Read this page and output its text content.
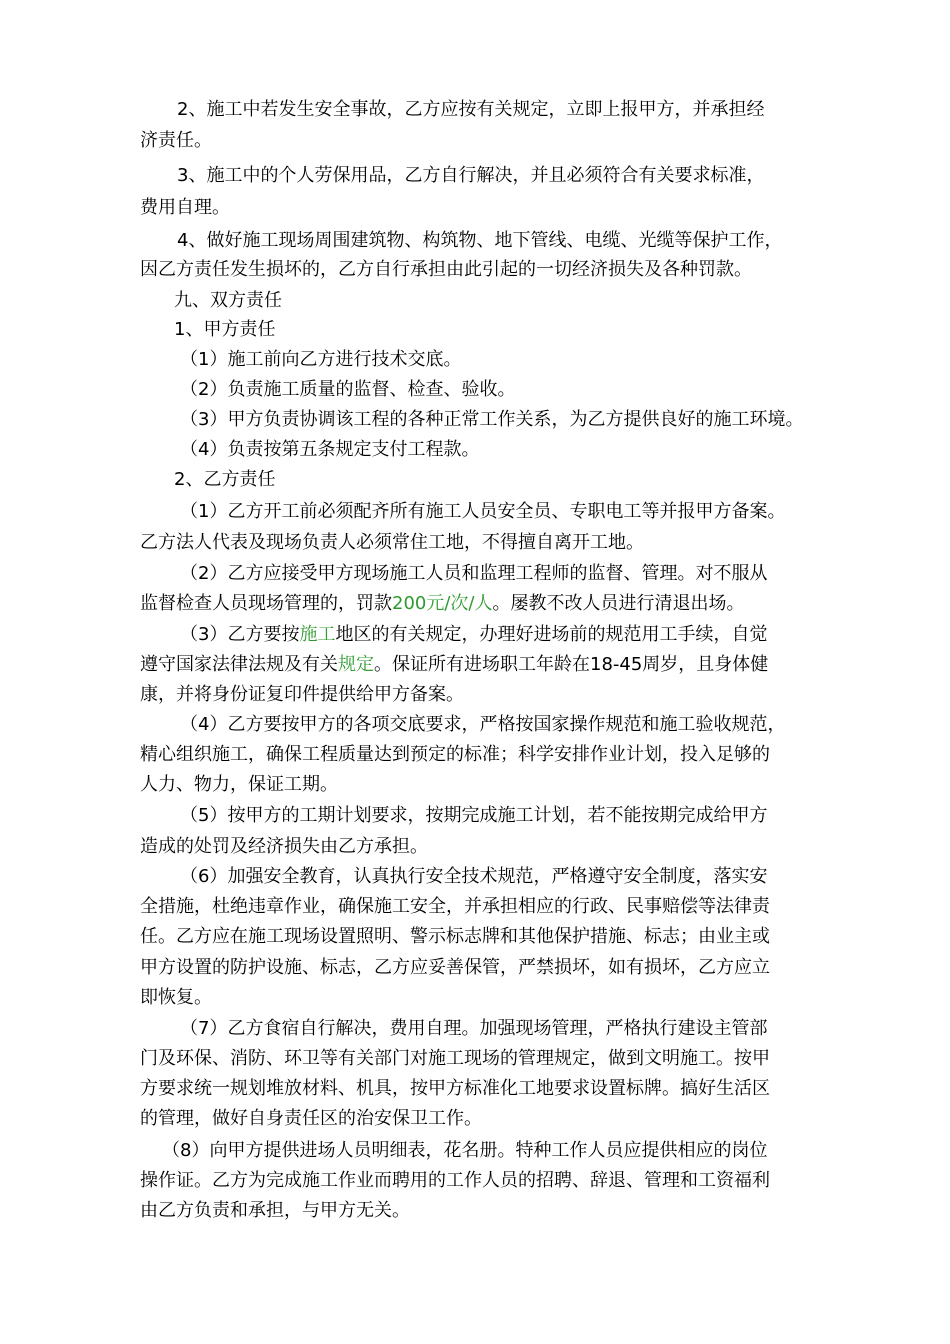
2、施工中若发生安全事故，乙方应按有关规定，立即上报甲方，并承担经
济责任。
3、施工中的个人劳保用品，乙方自行解决，并且必须符合有关要求标准，
费用自理。
4、做好施工现场周围建筑物、构筑物、地下管线、电缆、光缆等保护工作，
因乙方责任发生损坏的，乙方自行承担由此引起的一切经济损失及各种罚款。
九、双方责任
1、甲方责任
（1）施工前向乙方进行技术交底。
（2）负责施工质量的监督、检查、验收。
（3）甲方负责协调该工程的各种正常工作关系，为乙方提供良好的施工环境。
（4）负责按第五条规定支付工程款。
2、乙方责任
（1）乙方开工前必须配齐所有施工人员安全员、专职电工等并报甲方备案。
乙方法人代表及现场负责人必须常住工地，不得擅自离开工地。
（2）乙方应接受甲方现场施工人员和监理工程师的监督、管理。对不服从
监督检查人员现场管理的，罚款200元/次/人。屡教不改人员进行清退出场。
（3）乙方要按施工地区的有关规定，办理好进场前的规范用工手续，自觉
遵守国家法律法规及有关规定。保证所有进场职工年龄在18-45周岁，且身体健
康，并将身份证复印件提供给甲方备案。
（4）乙方要按甲方的各项交底要求，严格按国家操作规范和施工验收规范，
精心组织施工，确保工程质量达到预定的标准；科学安排作业计划，投入足够的
人力、物力，保证工期。
（5）按甲方的工期计划要求，按期完成施工计划，若不能按期完成给甲方
造成的处罚及经济损失由乙方承担。
（6）加强安全教育，认真执行安全技术规范，严格遵守安全制度，落实安
全措施，杜绝违章作业，确保施工安全，并承担相应的行政、民事赔偿等法律责
任。乙方应在施工现场设置照明、警示标志牌和其他保护措施、标志；由业主或
甲方设置的防护设施、标志，乙方应妥善保管，严禁损坏，如有损坏，乙方应立
即恢复。
（7）乙方食宿自行解决，费用自理。加强现场管理，严格执行建设主管部
门及环保、消防、环卫等有关部门对施工现场的管理规定，做到文明施工。按甲
方要求统一规划堆放材料、机具，按甲方标准化工地要求设置标牌。搞好生活区
的管理，做好自身责任区的治安保卫工作。
（8）向甲方提供进场人员明细表，花名册。特种工作人员应提供相应的岗位
操作证。乙方为完成施工作业而聘用的工作人员的招聘、辞退、管理和工资福利
由乙方负责和承担，与甲方无关。
